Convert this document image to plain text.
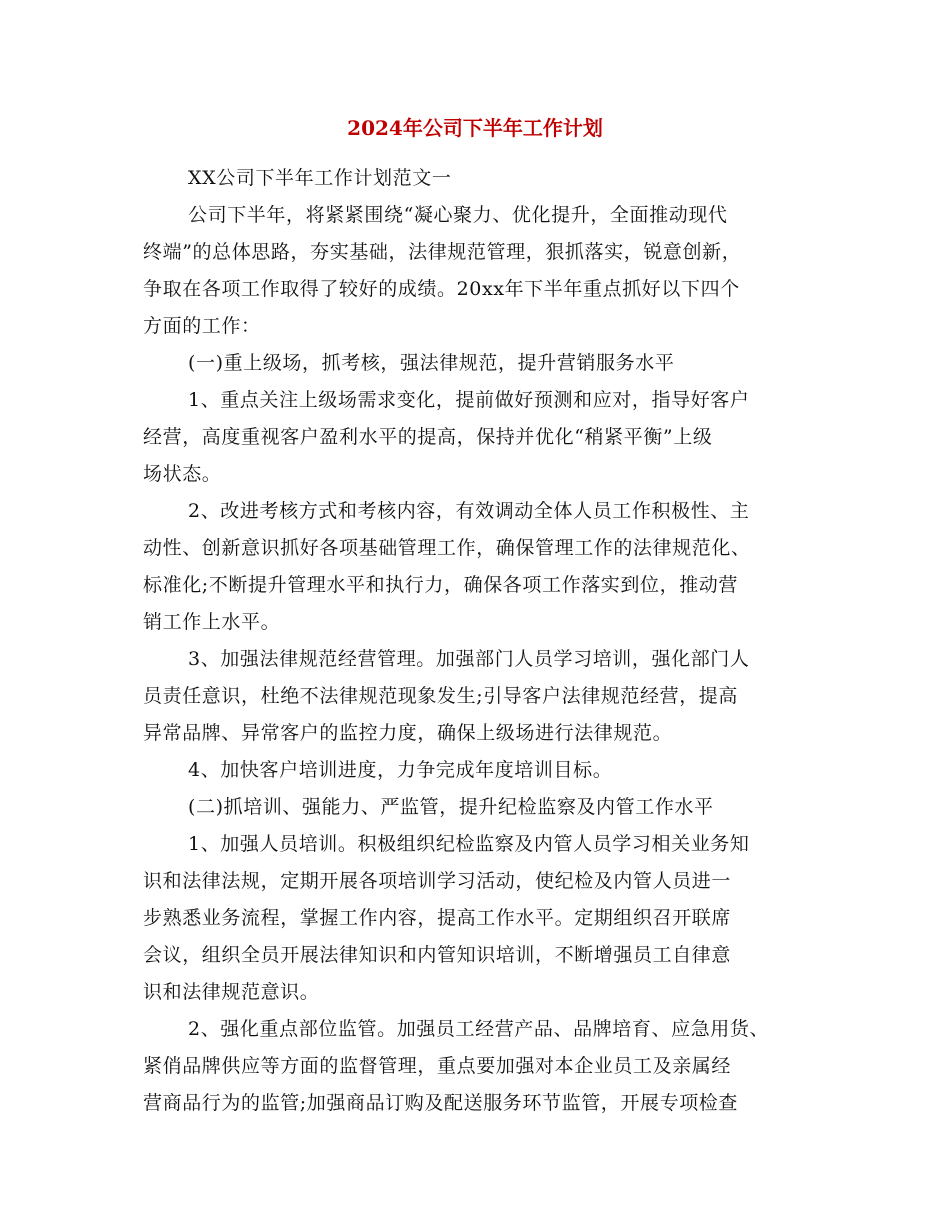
2024年公司下半年工作计划
XX公司下半年工作计划范文一
公司下半年，将紧紧围绕“凝心聚力、优化提升，全面推动现代
终端”的总体思路，夯实基础，法律规范管理，狠抓落实，锐意创新，
争取在各项工作取得了较好的成绩。20xx年下半年重点抓好以下四个
方面的工作：
(一)重上级场，抓考核，强法律规范，提升营销服务水平
1、重点关注上级场需求变化，提前做好预测和应对，指导好客户
经营，高度重视客户盈利水平的提高，保持并优化“稍紧平衡”上级
场状态。
2、改进考核方式和考核内容，有效调动全体人员工作积极性、主
动性、创新意识抓好各项基础管理工作，确保管理工作的法律规范化、
标准化;不断提升管理水平和执行力，确保各项工作落实到位，推动营
销工作上水平。
3、加强法律规范经营管理。加强部门人员学习培训，强化部门人
员责任意识，杜绝不法律规范现象发生;引导客户法律规范经营，提高
异常品牌、异常客户的监控力度，确保上级场进行法律规范。
4、加快客户培训进度，力争完成年度培训目标。
(二)抓培训、强能力、严监管，提升纪检监察及内管工作水平
1、加强人员培训。积极组织纪检监察及内管人员学习相关业务知
识和法律法规，定期开展各项培训学习活动，使纪检及内管人员进一
步熟悉业务流程，掌握工作内容，提高工作水平。定期组织召开联席
会议，组织全员开展法律知识和内管知识培训，不断增强员工自律意
识和法律规范意识。
2、强化重点部位监管。加强员工经营产品、品牌培育、应急用货、
紧俏品牌供应等方面的监督管理，重点要加强对本企业员工及亲属经
营商品行为的监管;加强商品订购及配送服务环节监管，开展专项检查
